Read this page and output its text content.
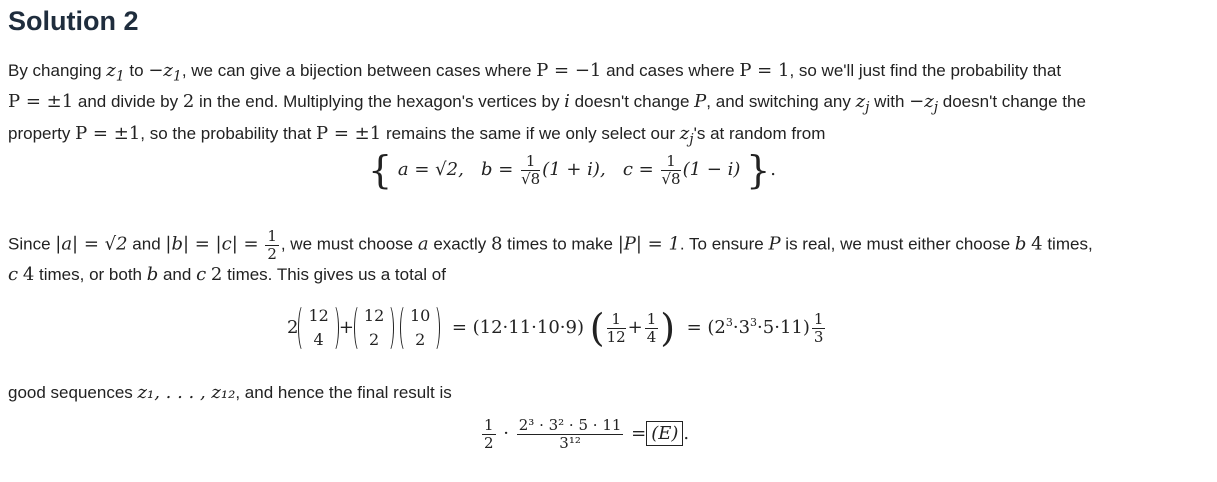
Solution 2
By changing $z_1$ to $-z_1$, we can give a bijection between cases where P = −1 and cases where P = 1, so we'll just find the probability that
P = ±1 and divide by 2 in the end. Multiplying the hexagon's vertices by i doesn't change P, and switching any $z_j$ with $-z_j$ doesn't change the
property P = ±1, so the probability that P = ±1 remains the same if we only select our $z_j's$ at random from
{ a = √2, $b = \frac{1}{√8} (1 + i)$, $c = \frac{1}{√8} (1 - i)$ }.
Since |a| = √2 and $|b| = |c| = \frac{1}{2}$ , we must choose a exactly 8 times to make |P| = 1. To ensure P is real, we must either choose b 4 times,
c 4 times, or both b and c 2 times. This gives us a total of
2
12
4
+
12
2

10
2
= (12·11·10·9) ( $\frac{1}{12} + \frac{1}{4}$ ) = $(2^3\cdot 3^3\cdot 5\cdot 11) \frac{1}{3}$
good sequences z₁, . . . , z₁₂, and hence the final result is
$\frac{1}{2} \cdot \frac{\text{2³ · 3² · 5 · 11}}{\text{3¹²}} = (E)$ .
